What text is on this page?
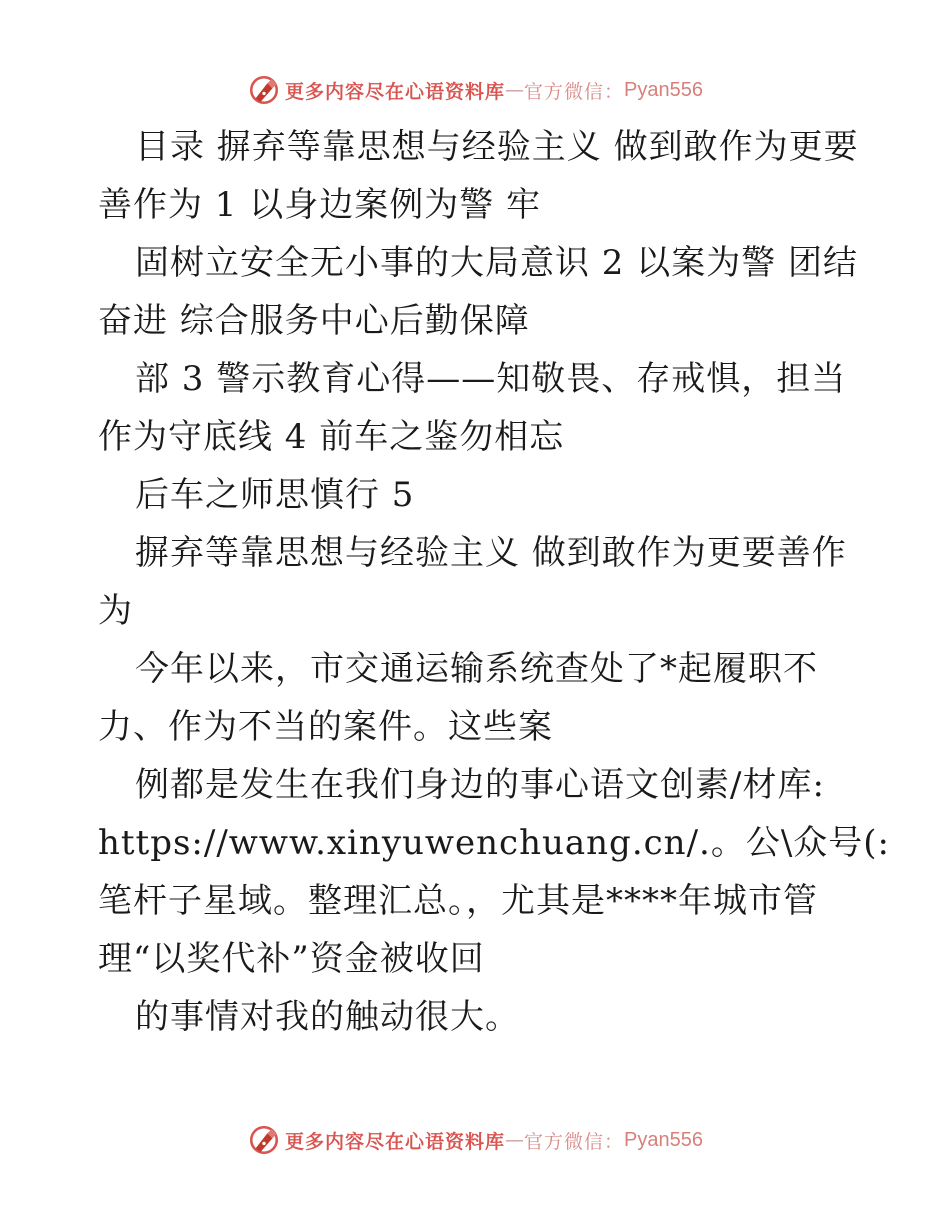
更多内容尽在心语资料库 — 官方微信： Pyan556
目录 摒弃等靠思想与经验主义 做到敢作为更要
善作为 1 以身边案例为警 牢
固树立安全无小事的大局意识 2 以案为警 团结
奋进 综合服务中心后勤保障
部 3 警示教育心得——知敬畏、存戒惧，担当
作为守底线 4 前车之鉴勿相忘
后车之师思慎行 5
摒弃等靠思想与经验主义 做到敢作为更要善作
为
今年以来，市交通运输系统查处了*起履职不
力、作为不当的案件。这些案
例都是发生在我们身边的事心语文创素/材库:
https://www.xinyuwenchuang.cn/.。公\众号(:
笔杆子星域。整理汇总。，尤其是****年城市管
理“以奖代补”资金被收回
的事情对我的触动很大。
更多内容尽在心语资料库 — 官方微信： Pyan556
